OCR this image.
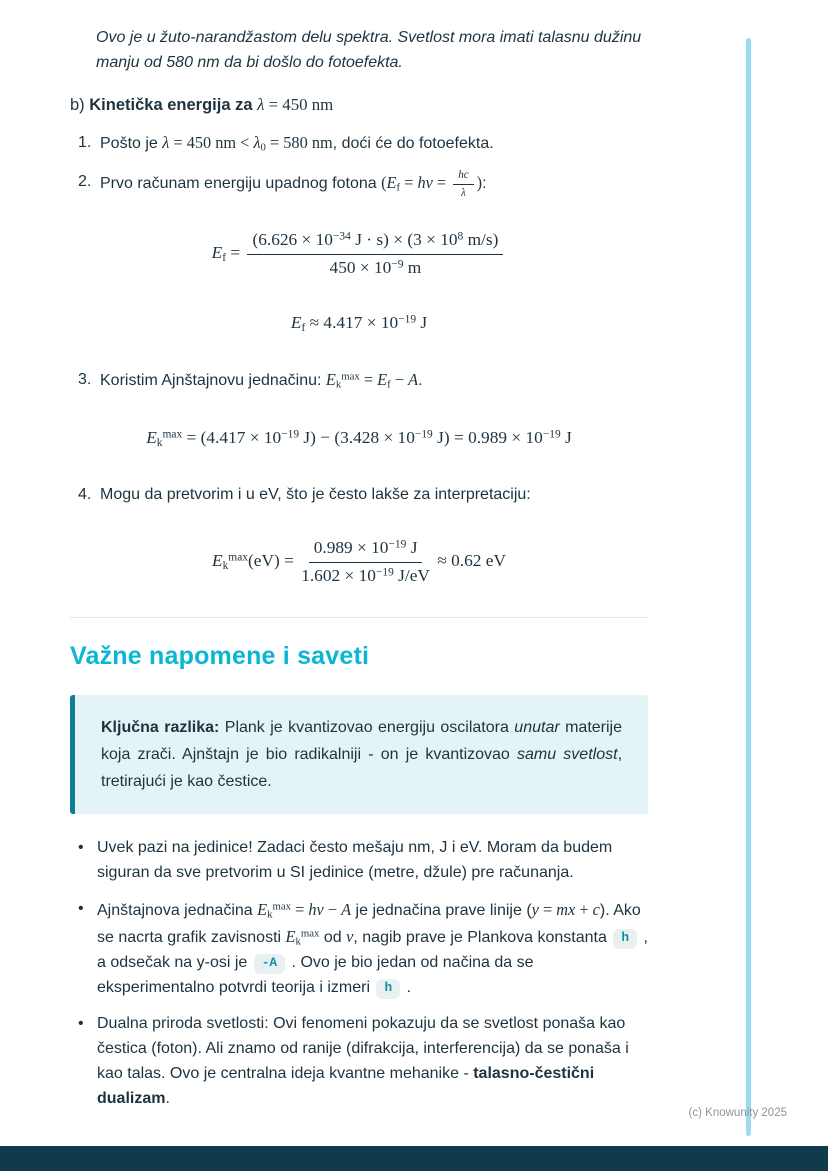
Ovo je u žuto-narandžastom delu spektra. Svetlost mora imati talasnu dužinu manju od 580 nm da bi došlo do fotoefekta.

b) Kinetička energija za λ = 450 nm
1. Pošto je λ = 450 nm < $\lambda_0 = 580$ nm, doći će do fotoefekta.
2. Prvo računam energiju upadnog fotona ($E_f = h\nu = \frac{hc}{\lambda}$ ):
$E_f = \frac{(6.626 \times 10^{-34} J \cdot s) \times (3 \times 10^8 m/s)}{450 \times 10^{-9} m}$
$E_f \approx 4.417 \times 10^{-19}$ J
3. Koristim Ajnštajnovu jednačinu: $E_k^{max} = E_f - A$.
$E_k^{max} = (4.417 \times 10^{-19}$ $J) - (3.428 \times 10^{-19}$ $J) = 0.989 \times 10^{-19}$ J
4. Mogu da pretvorim i u eV, što je često lakše za interpretaciju:
$E_k^{max}(eV) = \frac{0.989 \times 10^{-19} J}{1.602 \times 10^{-19} J/eV} \approx 0.62$ eV
Važne napomene i saveti

Ključna razlika: Plank je kvantizovao energiju oscilatora unutar materije koja zrači. Ajnštajn je bio radikalniji - on je kvantizovao samu svetlost, tretirajući je kao čestice.

• Uvek pazi na jedinice! Zadaci često mešaju nm, J i eV. Moram da budem siguran da sve pretvorim u SI jedinice (metre, džule) pre računanja.
• Ajnštajnova jednačina $E_k^{max} = h\nu - A$ je jednačina prave linije (y = mx + c). Ako se nacrta grafik zavisnosti $E_k^{max}$ od ν, nagib prave je Plankova konstanta h , a odsečak na y-osi je -A . Ovo je bio jedan od načina da se eksperimentalno potvrdi teorija i izmeri h .
• Dualna priroda svetlosti: Ovi fenomeni pokazuju da se svetlost ponaša kao čestica (foton). Ali znamo od ranije (difrakcija, interferencija) da se ponaša i kao talas. Ovo je centralna ideja kvantne mehanike - talasno-čestični dualizam.
(c) Knowunity 2025
